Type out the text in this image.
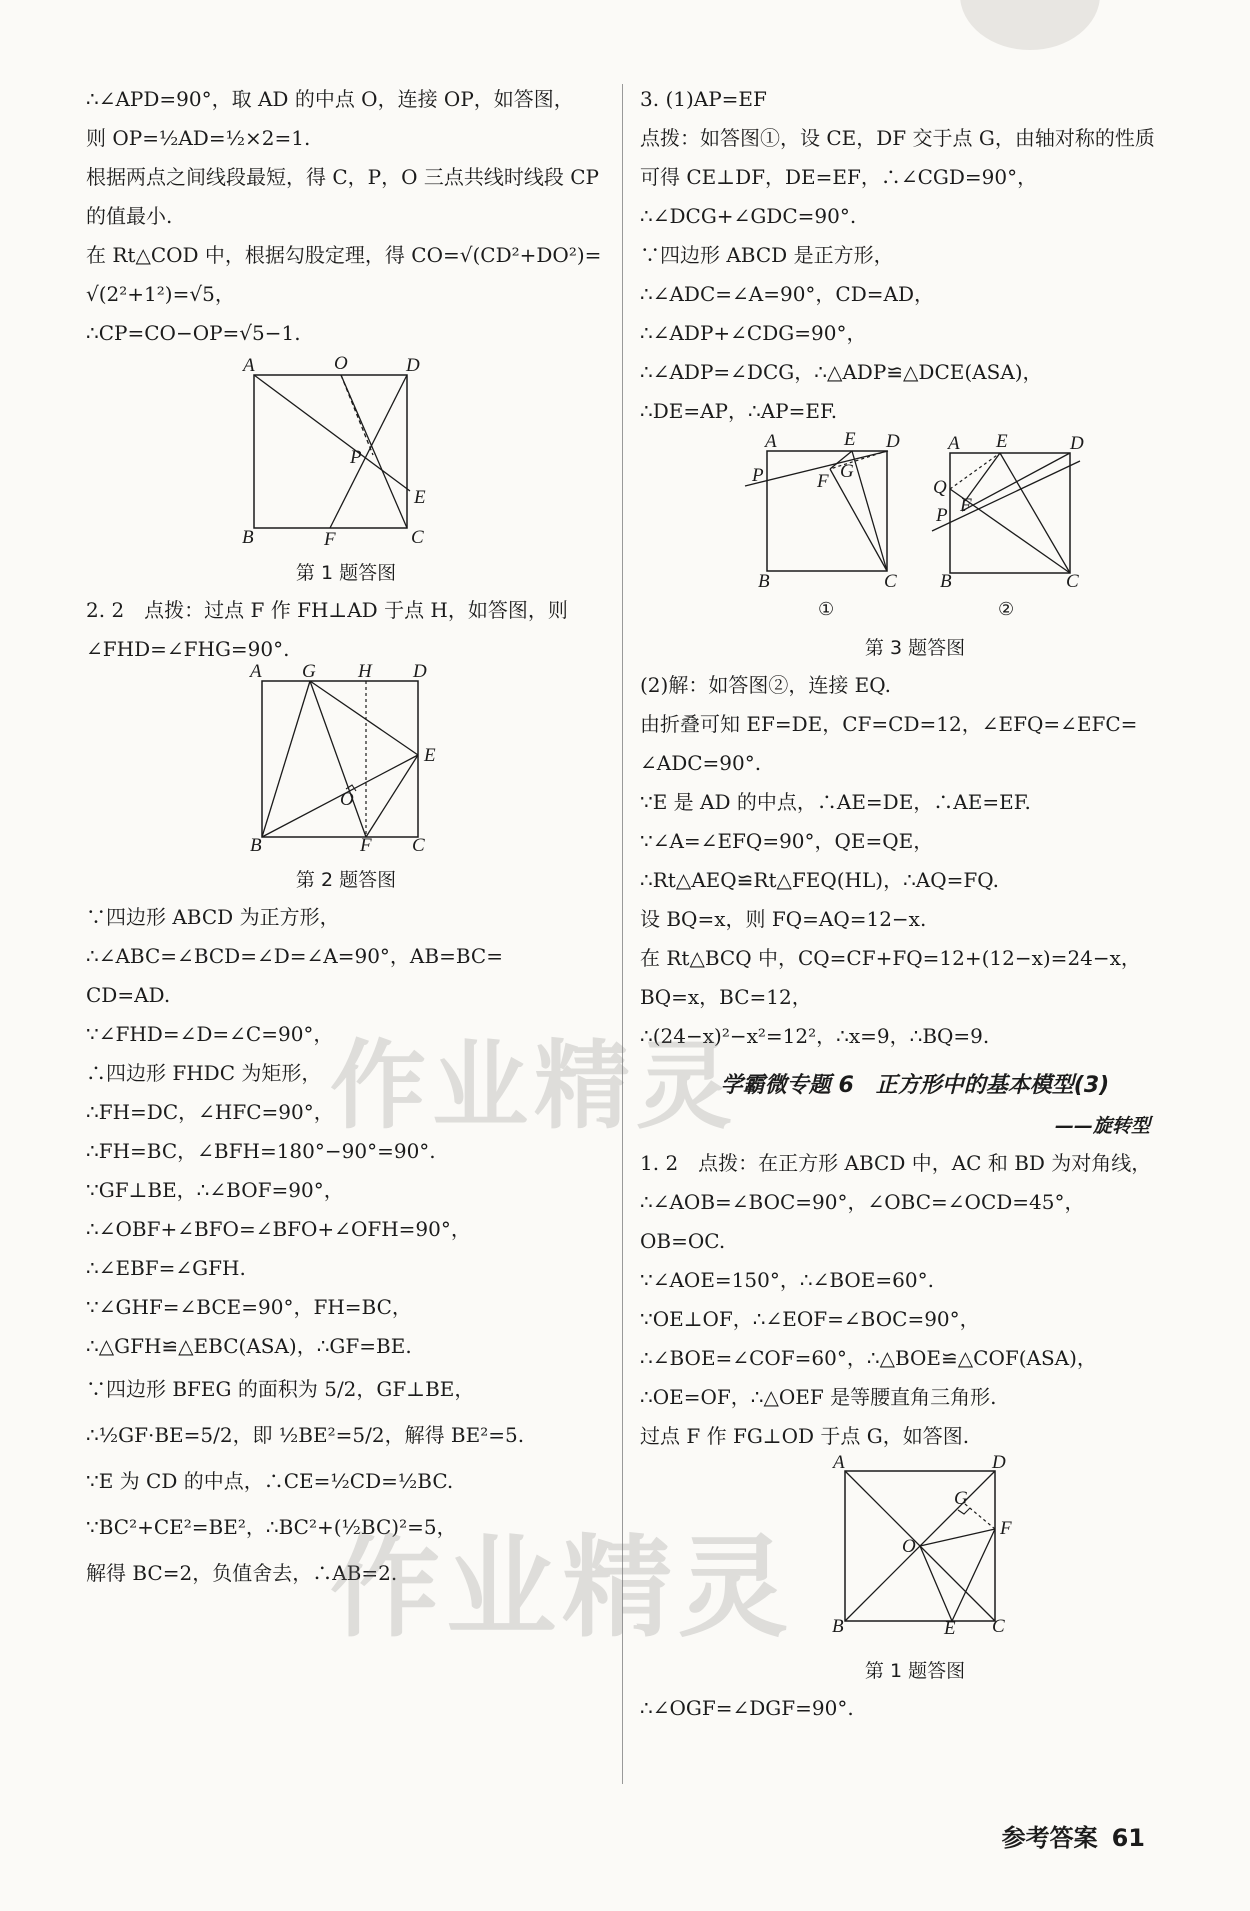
∴∠APD=90°，取 AD 的中点 O，连接 OP，如答图，
则 OP=½AD=½×2=1.
根据两点之间线段最短，得 C，P，O 三点共线时线段 CP
的值最小.
在 Rt△COD 中，根据勾股定理，得 CO=√(CD²+DO²)=
√(2²+1²)=√5，
∴CP=CO−OP=√5−1.
A	O	D
P
E
B	F	C
第 1 题答图
2. 2　点拨：过点 F 作 FH⊥AD 于点 H，如答图，则
∠FHD=∠FHG=90°.
A G H D
E
O
B	F C
第 2 题答图
∵四边形 ABCD 为正方形，
∴∠ABC=∠BCD=∠D=∠A=90°，AB=BC=
CD=AD.
∵∠FHD=∠D=∠C=90°，
∴四边形 FHDC 为矩形，
∴FH=DC，∠HFC=90°，
∴FH=BC，∠BFH=180°−90°=90°.
∵GF⊥BE，∴∠BOF=90°，
∴∠OBF+∠BFO=∠BFO+∠OFH=90°，
∴∠EBF=∠GFH.
∵∠GHF=∠BCE=90°，FH=BC，
∴△GFH≌△EBC(ASA)，∴GF=BE.
∵四边形 BFEG 的面积为 5/2，GF⊥BE，
∴½GF·BE=5/2，即 ½BE²=5/2，解得 BE²=5.
∵E 为 CD 的中点，∴CE=½CD=½BC.
∵BC²+CE²=BE²，∴BC²+(½BC)²=5，
解得 BC=2，负值舍去，∴AB=2.
3. (1)AP=EF
点拨：如答图①，设 CE，DF 交于点 G，由轴对称的性质
可得 CE⊥DF，DE=EF，∴∠CGD=90°，
∴∠DCG+∠GDC=90°.
∵四边形 ABCD 是正方形，
∴∠ADC=∠A=90°，CD=AD，
∴∠ADP+∠CDG=90°，
∴∠ADP=∠DCG，∴△ADP≌△DCE(ASA)，
∴DE=AP，∴AP=EF.
A	E D
P	F G
B	C
①
A E	D
Q
P F
B	C
②
第 3 题答图
(2)解：如答图②，连接 EQ.
由折叠可知 EF=DE，CF=CD=12，∠EFQ=∠EFC=
∠ADC=90°.
∵E 是 AD 的中点，∴AE=DE，∴AE=EF.
∵∠A=∠EFQ=90°，QE=QE，
∴Rt△AEQ≌Rt△FEQ(HL)，∴AQ=FQ.
设 BQ=x，则 FQ=AQ=12−x.
在 Rt△BCQ 中，CQ=CF+FQ=12+(12−x)=24−x，
BQ=x，BC=12，
∴(24−x)²−x²=12²，∴x=9，∴BQ=9.
学霸微专题 6　正方形中的基本模型(3)
——旋转型
1. 2　点拨：在正方形 ABCD 中，AC 和 BD 为对角线，
∴∠AOB=∠BOC=90°，∠OBC=∠OCD=45°，
OB=OC.
∵∠AOE=150°，∴∠BOE=60°.
∵OE⊥OF，∴∠EOF=∠BOC=90°，
∴∠BOE=∠COF=60°，∴△BOE≌△COF(ASA)，
∴OE=OF，∴△OEF 是等腰直角三角形.
过点 F 作 FG⊥OD 于点 G，如答图.
A	D
G
F
O
B	E C
第 1 题答图
∴∠OGF=∠DGF=90°.
作业精灵
作业精灵
参考答案 61
